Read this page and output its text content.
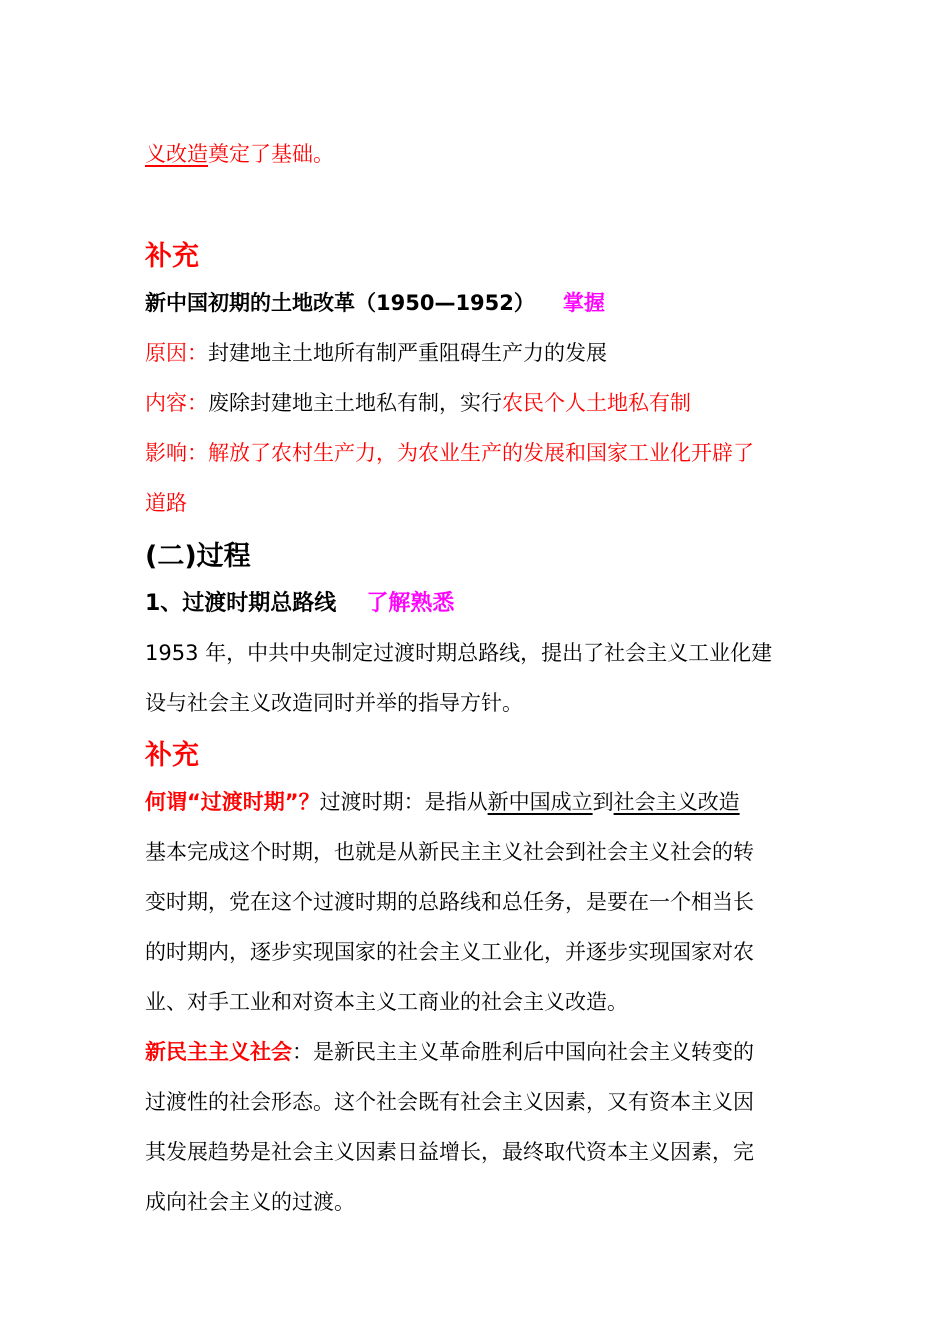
义改造奠定了基础。
补充
新中国初期的土地改革（1950—1952） 掌握
原因：封建地主土地所有制严重阻碍生产力的发展
内容：废除封建地主土地私有制，实行农民个人土地私有制
影响：解放了农村生产力，为农业生产的发展和国家工业化开辟了
道路
(二)过程
1、过渡时期总路线 了解熟悉
1953 年，中共中央制定过渡时期总路线，提出了社会主义工业化建
设与社会主义改造同时并举的指导方针。
补充
何谓“过渡时期”？过渡时期：是指从新中国成立到社会主义改造
基本完成这个时期，也就是从新民主主义社会到社会主义社会的转
变时期，党在这个过渡时期的总路线和总任务，是要在一个相当长
的时期内，逐步实现国家的社会主义工业化，并逐步实现国家对农
业、对手工业和对资本主义工商业的社会主义改造。
新民主主义社会：是新民主主义革命胜利后中国向社会主义转变的
过渡性的社会形态。这个社会既有社会主义因素，又有资本主义因
其发展趋势是社会主义因素日益增长，最终取代资本主义因素，完
成向社会主义的过渡。
